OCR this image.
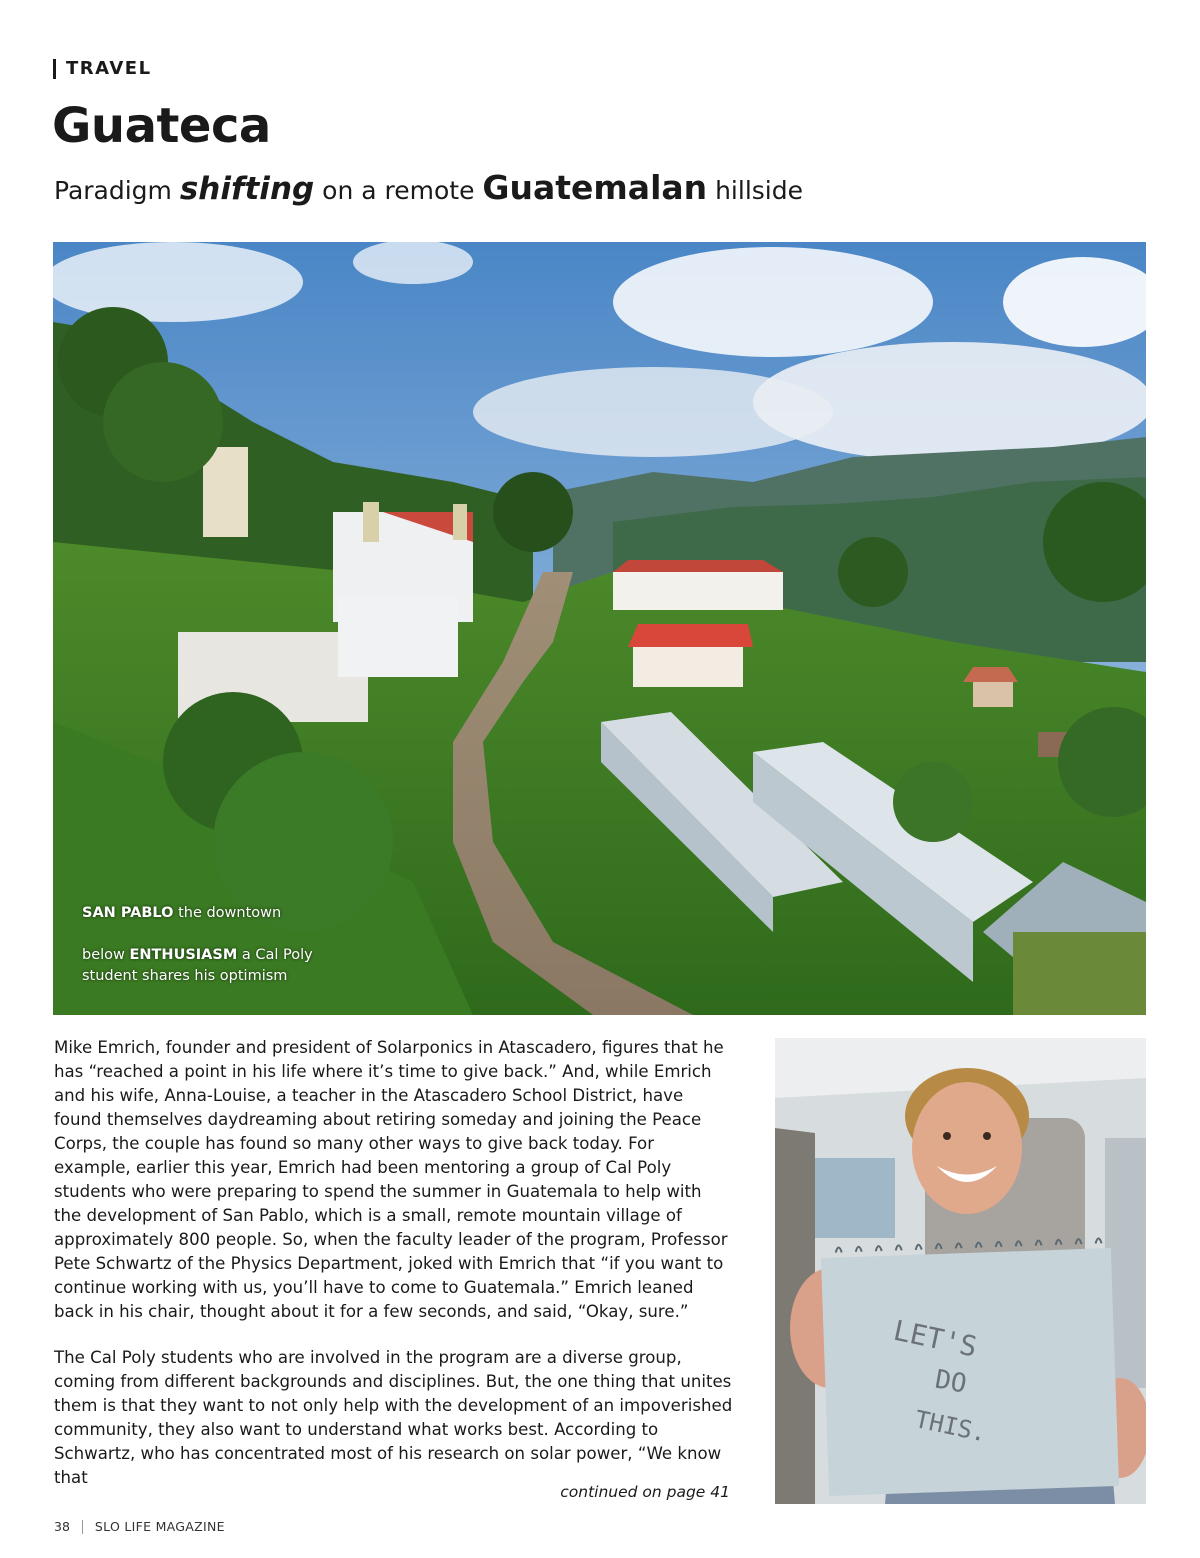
TRAVEL
Guateca
Paradigm shifting on a remote Guatemalan hillside
SAN PABLO the downtown
below ENTHUSIASM a Cal Poly student shares his optimism

Mike Emrich, founder and president of Solarponics in Atascadero, figures that he has “reached a point in his life where it’s time to give back.” And, while Emrich and his wife, Anna-Louise, a teacher in the Atascadero School District, have found themselves daydreaming about retiring someday and joining the Peace Corps, the couple has found so many other ways to give back today. For example, earlier this year, Emrich had been mentoring a group of Cal Poly students who were preparing to spend the summer in Guatemala to help with the development of San Pablo, which is a small, remote mountain village of approximately 800 people. So, when the faculty leader of the program, Professor Pete Schwartz of the Physics Department, joked with Emrich that “if you want to continue working with us, you’ll have to come to Guatemala.” Emrich leaned back in his chair, thought about it for a few seconds, and said, “Okay, sure.”

The Cal Poly students who are involved in the program are a diverse group, coming from different backgrounds and disciplines. But, the one thing that unites them is that they want to not only help with the development of an impoverished community, they also want to understand what works best. According to Schwartz, who has concentrated most of his research on solar power, “We know that

continued on page 41
LET'S
DO
THIS.
38 SLO LIFE MAGAZINE
